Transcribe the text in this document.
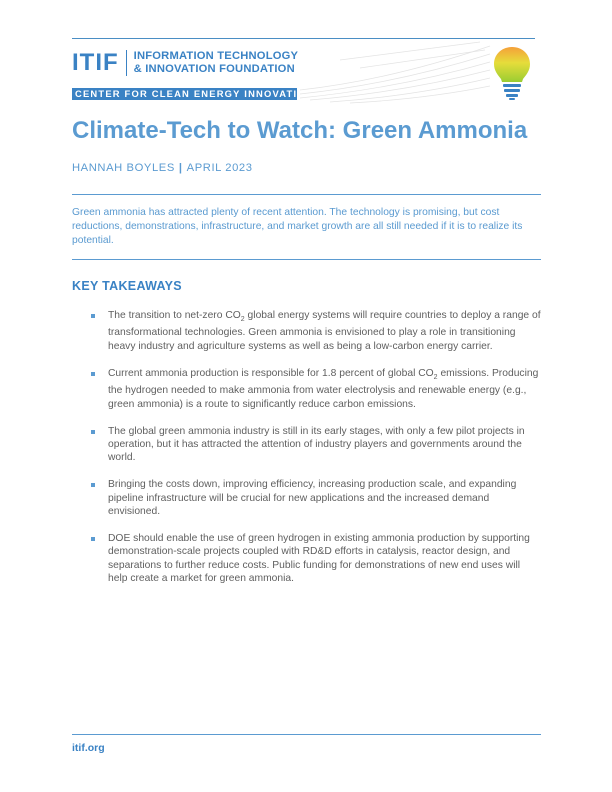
ITIF INFORMATION TECHNOLOGY
& INNOVATION FOUNDATION
CENTER FOR CLEAN ENERGY INNOVATION
Climate-Tech to Watch: Green Ammonia
HANNAH BOYLES | APRIL 2023

Green ammonia has attracted plenty of recent attention. The technology is promising, but cost reductions, demonstrations, infrastructure, and market growth are all still needed if it is to realize its potential.

KEY TAKEAWAYS
The transition to net-zero $CO_2$ global energy systems will require countries to deploy a range of transformational technologies. Green ammonia is envisioned to play a role in transitioning heavy industry and agriculture systems as well as being a low-carbon energy carrier.
Current ammonia production is responsible for 1.8 percent of global $CO_2$ emissions. Producing the hydrogen needed to make ammonia from water electrolysis and renewable energy (e.g., green ammonia) is a route to significantly reduce carbon emissions.
The global green ammonia industry is still in its early stages, with only a few pilot projects in operation, but it has attracted the attention of industry players and governments around the world.
Bringing the costs down, improving efficiency, increasing production scale, and expanding pipeline infrastructure will be crucial for new applications and the increased demand envisioned.
DOE should enable the use of green hydrogen in existing ammonia production by supporting demonstration-scale projects coupled with RD&D efforts in catalysis, reactor design, and separations to further reduce costs. Public funding for demonstrations of new end uses will help create a market for green ammonia.
itif.org
